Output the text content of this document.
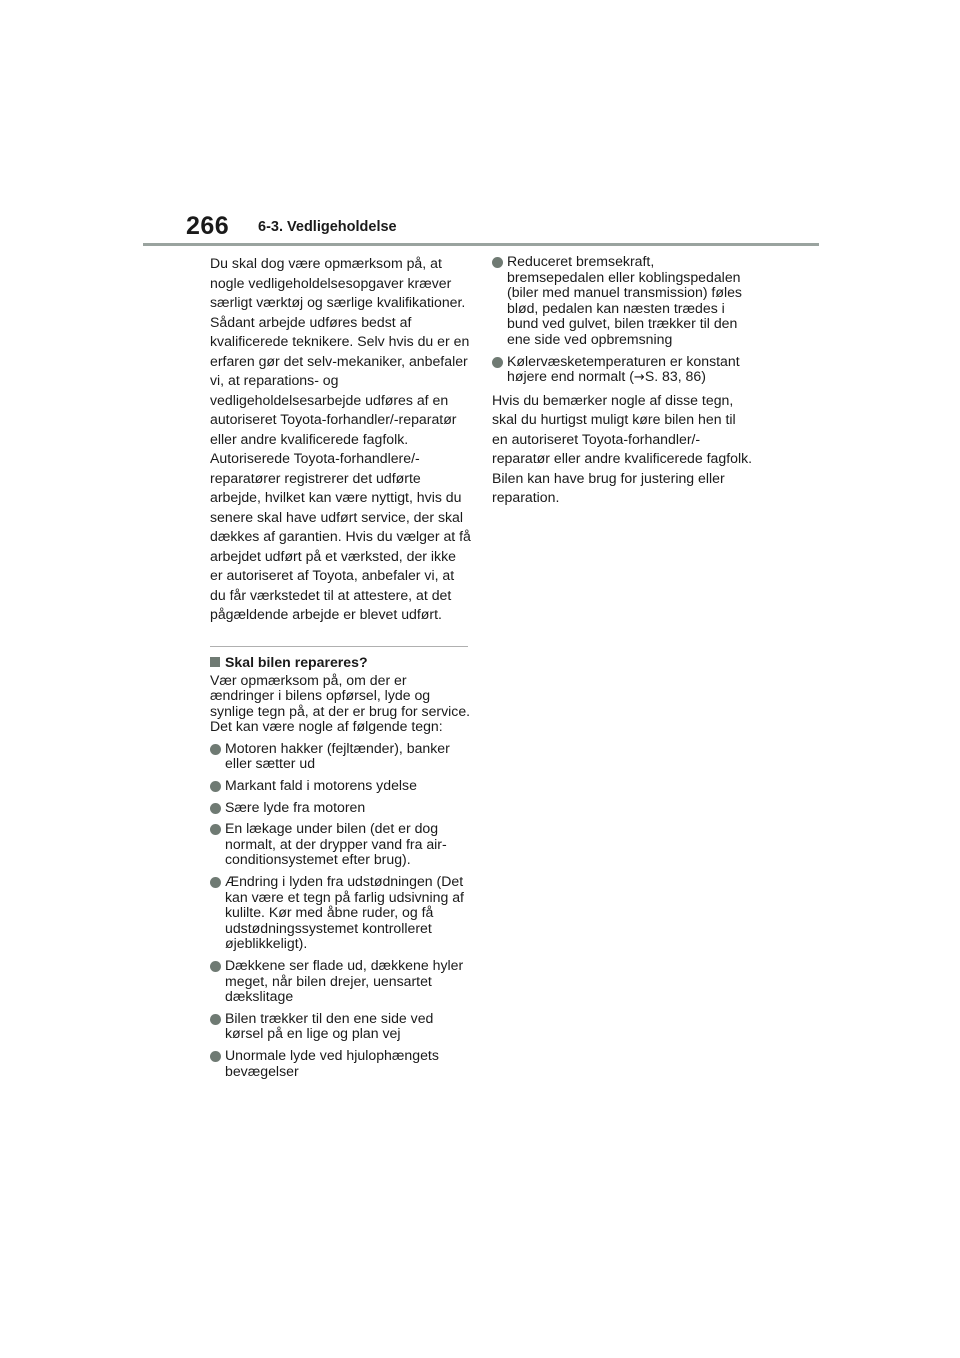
266 6-3. Vedligeholdelse

Du skal dog være opmærksom på, at nogle vedligeholdelsesopgaver kræver særligt værktøj og særlige kvalifikationer. Sådant arbejde udføres bedst af kvalificerede teknikere. Selv hvis du er en erfaren gør det selv-mekaniker, anbefaler vi, at reparations- og vedligeholdelsesarbejde udføres af en autoriseret Toyota-forhandler/-reparatør eller andre kvalificerede fagfolk. Autoriserede Toyota-forhandlere/-reparatører registrerer det udførte arbejde, hvilket kan være nyttigt, hvis du senere skal have udført service, der skal dækkes af garantien. Hvis du vælger at få arbejdet udført på et værksted, der ikke er autoriseret af Toyota, anbefaler vi, at du får værkstedet til at attestere, at det pågældende arbejde er blevet udført.

Skal bilen repareres?

Vær opmærksom på, om der er ændringer i bilens opførsel, lyde og synlige tegn på, at der er brug for service. Det kan være nogle af følgende tegn:

Motoren hakker (fejltænder), banker eller sætter ud
Markant fald i motorens ydelse
Sære lyde fra motoren
En lækage under bilen (det er dog normalt, at der drypper vand fra air-conditionsystemet efter brug).
Ændring i lyden fra udstødningen (Det kan være et tegn på farlig udsivning af kulilte. Kør med åbne ruder, og få udstødningssystemet kontrolleret øjeblikkeligt).
Dækkene ser flade ud, dækkene hyler meget, når bilen drejer, uensartet dækslitage
Bilen trækker til den ene side ved kørsel på en lige og plan vej
Unormale lyde ved hjulophængets bevægelser
Reduceret bremsekraft, bremsepedalen eller koblingspedalen (biler med manuel transmission) føles blød, pedalen kan næsten trædes i bund ved gulvet, bilen trækker til den ene side ved opbremsning
Kølervæsketemperaturen er konstant højere end normalt (→S. 83, 86)

Hvis du bemærker nogle af disse tegn, skal du hurtigst muligt køre bilen hen til en autoriseret Toyota-forhandler/-reparatør eller andre kvalificerede fagfolk. Bilen kan have brug for justering eller reparation.
